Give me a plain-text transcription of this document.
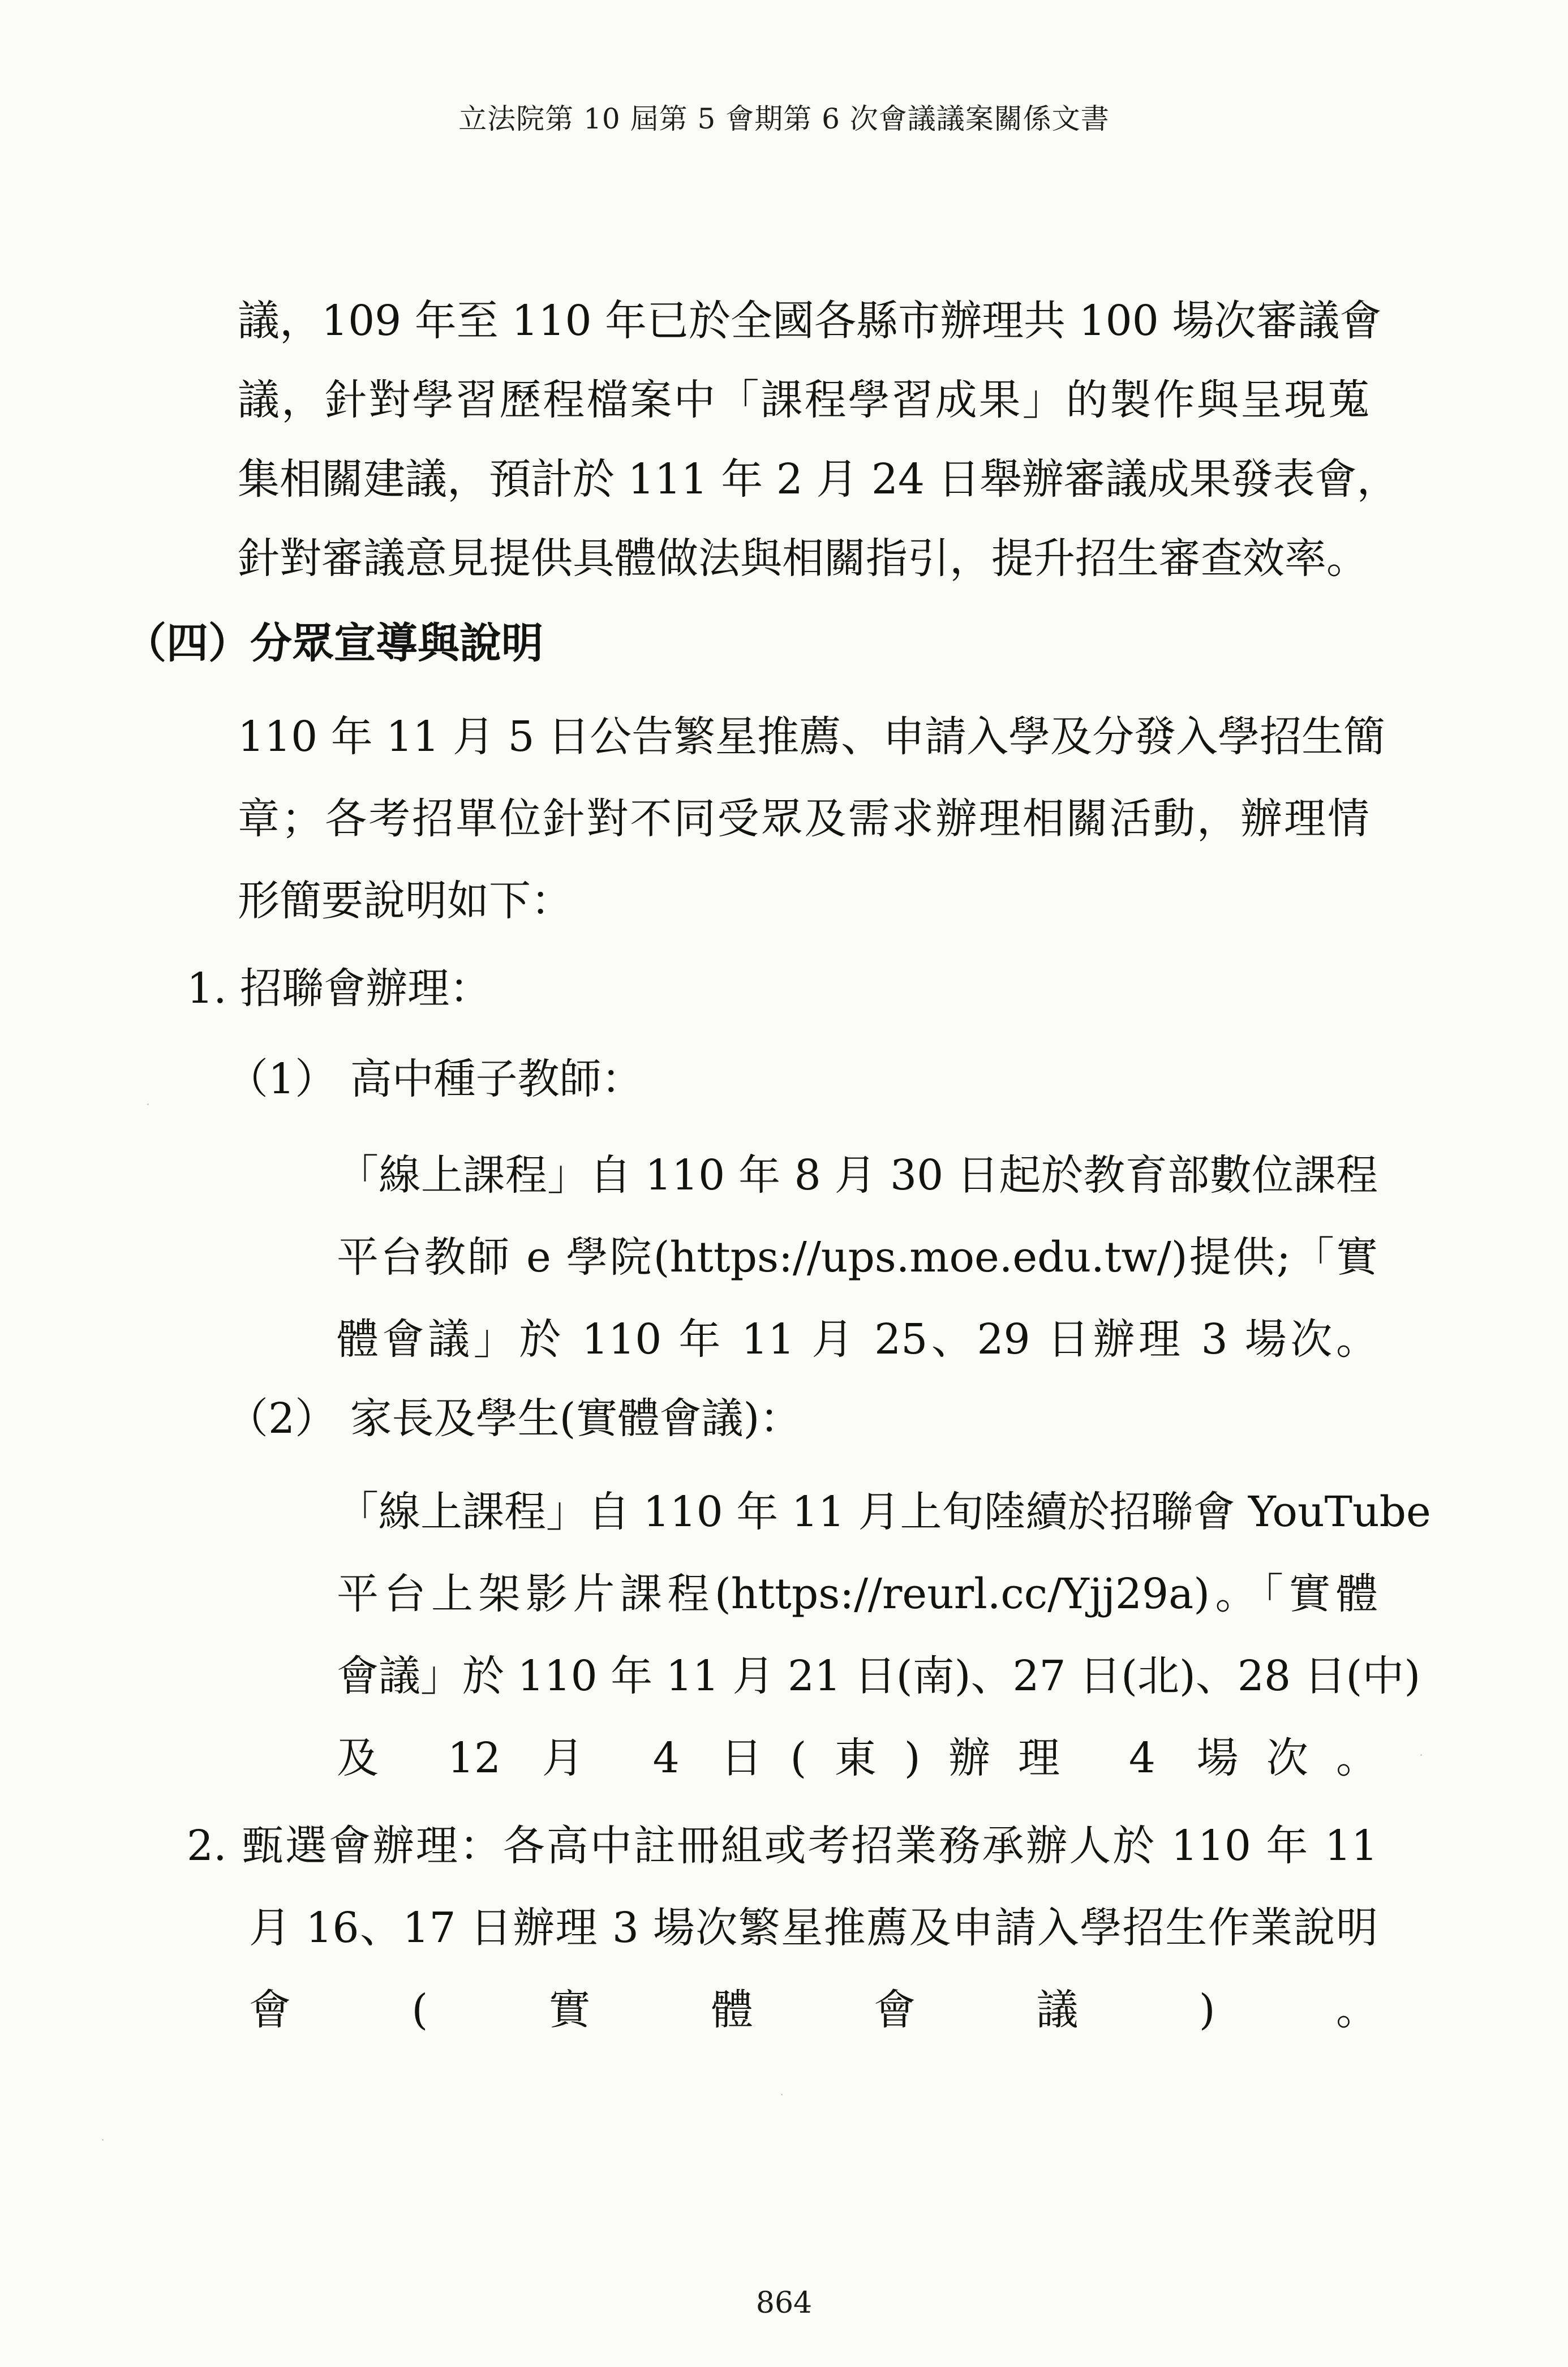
立法院第 10 屆第 5 會期第 6 次會議議案關係文書
議，109 年至 110 年已於全國各縣市辦理共 100 場次審議會
議，針對學習歷程檔案中「課程學習成果」的製作與呈現蒐
集相關建議，預計於 111 年 2 月 24 日舉辦審議成果發表會，
針對審議意見提供具體做法與相關指引，提升招生審查效率。
（四）分眾宣導與說明
110 年 11 月 5 日公告繁星推薦、申請入學及分發入學招生簡
章；各考招單位針對不同受眾及需求辦理相關活動，辦理情
形簡要說明如下：
1. 招聯會辦理：
（1） 高中種子教師：
「線上課程」自 110 年 8 月 30 日起於教育部數位課程
平台教師 e 學院(https://ups.moe.edu.tw/)提供;「實
體會議」於 110 年 11 月 25、29 日辦理 3 場次。
（2） 家長及學生(實體會議)：
「線上課程」自 110 年 11 月上旬陸續於招聯會 YouTube
平台上架影片課程(https://reurl.cc/Yjj29a)。「實體
會議」於 110 年 11 月 21 日(南)、27 日(北)、28 日(中)
及 12 月 4 日(東)辦理 4 場次。
2. 甄選會辦理：各高中註冊組或考招業務承辦人於 110 年 11
月 16、17 日辦理 3 場次繁星推薦及申請入學招生作業說明
會(實體會議)。
864
